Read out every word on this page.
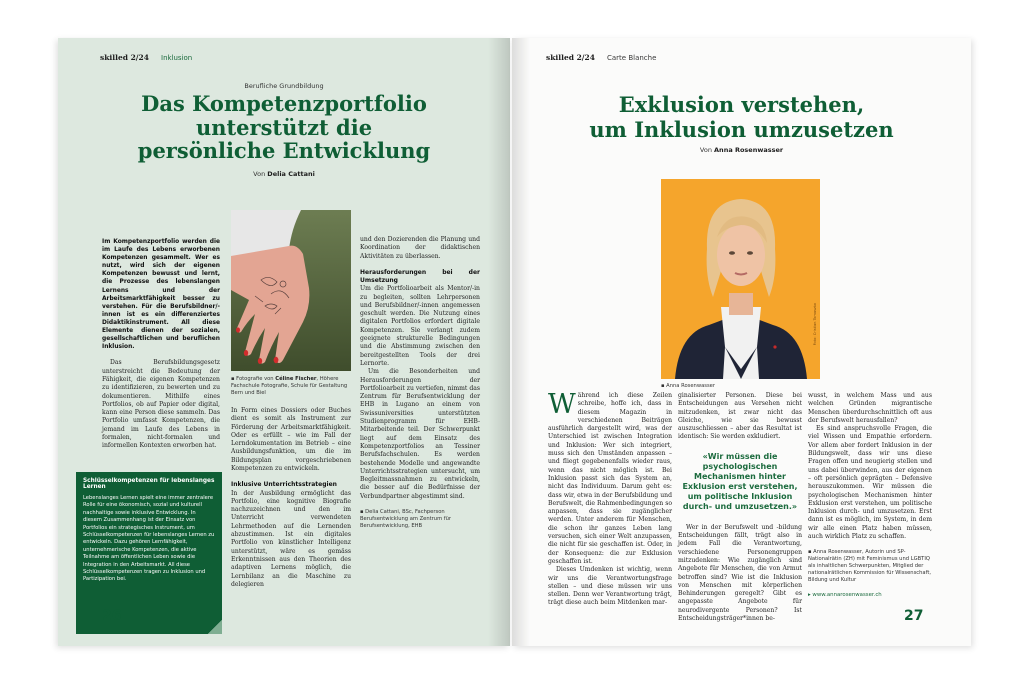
skilled 2/24 Inklusion
Berufliche Grundbildung
Das Kompetenzportfolio
unterstützt die
persönliche Entwicklung
Von Delia Cattani

Im Kompetenzportfolio werden die im Laufe des Lebens erworbenen Kompetenzen gesammelt. Wer es nutzt, wird sich der eigenen Kompetenzen bewusst und lernt, die Prozesse des lebenslangen Lernens und der Arbeitsmarktfähigkeit besser zu verstehen. Für die Berufsbildner/-innen ist es ein differenziertes Didaktikinstrument. All diese Elemente dienen der sozialen, gesellschaftlichen und beruflichen Inklusion.

Das Berufsbildungsgesetz unterstreicht die Bedeutung der Fähigkeit, die eigenen Kompetenzen zu identifizieren, zu bewerten und zu dokumentieren. Mithilfe eines Portfolios, ob auf Papier oder digital, kann eine Person diese sammeln. Das Portfolio umfasst Kompetenzen, die jemand im Laufe des Lebens in formalen, nicht-formalen und informellen Kontexten erworben hat.

▪ Fotografie von Céline Fischer, Höhere Fachschule Fotografie, Schule für Gestaltung Bern und Biel

In Form eines Dossiers oder Buches dient es somit als Instrument zur Förderung der Arbeitsmarktfähigkeit. Oder es erfüllt – wie im Fall der Lerndokumentation im Betrieb – eine Ausbildungsfunktion, um die im Bildungsplan vorgeschriebenen Kompetenzen zu entwickeln.

Inklusive Unterrichtsstrategien

In der Ausbildung ermöglicht das Portfolio, eine kognitive Biografie nachzuzeichnen und den im Unterricht verwendeten Lehrmethoden auf die Lernenden abzustimmen. Ist ein digitales Portfolio von künstlicher Intelligenz unterstützt, wäre es gemäss Erkenntnissen aus den Theorien des adaptiven Lernens möglich, die Lernbilanz an die Maschine zu delegieren

und den Dozierenden die Planung und Koordination der didaktischen Aktivitäten zu überlassen.

Herausforderungen bei der Umsetzung

Um die Portfolioarbeit als Mentor/-in zu begleiten, sollten Lehrpersonen und Berufsbildner/-innen angemessen geschult werden. Die Nutzung eines digitalen Portfolios erfordert digitale Kompetenzen. Sie verlangt zudem geeignete strukturelle Bedingungen und die Abstimmung zwischen den bereitgestellten Tools der drei Lernorte.

Um die Besonderheiten und Herausforderungen der Portfolioarbeit zu vertiefen, nimmt das Zentrum für Berufsentwicklung der EHB in Lugano an einem von Swissuniversities unterstützten Studienprogramm für EHB-Mitarbeitende teil. Der Schwerpunkt liegt auf dem Einsatz des Kompetenzportfolios an Tessiner Berufsfachschulen. Es werden bestehende Modelle und angewandte Unterrichtsstrategien untersucht, um Begleitmassnahmen zu entwickeln, die besser auf die Bedürfnisse der Verbundpartner abgestimmt sind.

▪ Delia Cattani, BSc, Fachperson Berufsentwicklung am Zentrum für Berufsentwicklung, EHB

Schlüsselkompetenzen für lebenslanges Lernen
Lebenslanges Lernen spielt eine immer zentralere Rolle für eine ökonomisch, sozial und kulturell nachhaltige sowie inklusive Entwicklung. In diesem Zusammenhang ist der Einsatz von Portfolios ein strategisches Instrument, um Schlüsselkompetenzen für lebenslanges Lernen zu entwickeln. Dazu gehören Lernfähigkeit, unternehmerische Kompetenzen, die aktive Teilnahme am öffentlichen Leben sowie die Integration in den Arbeitsmarkt. All diese Schlüsselkompetenzen tragen zu Inklusion und Partizipation bei.
26
skilled 2/24 Carte Blanche
Exklusion verstehen,
um Inklusion umzusetzen
Von Anna Rosenwasser
Foto: Cristian Tomaszko
▪ Anna Rosenwasser

Während ich diese Zeilen schreibe, hoffe ich, dass in diesem Magazin in verschiedenen Beiträgen ausführlich dargestellt wird, was der Unterschied ist zwischen Integration und Inklusion: Wer sich integriert, muss sich den Umständen anpassen – und fliegt gegebenenfalls wieder raus, wenn das nicht möglich ist. Bei Inklusion passt sich das System an, nicht das Individuum. Darum geht es: dass wir, etwa in der Berufsbildung und Berufswelt, die Rahmenbedingungen so anpassen, dass sie zugänglicher werden. Unter anderem für Menschen, die schon ihr ganzes Leben lang versuchen, sich einer Welt anzupassen, die nicht für sie geschaffen ist. Oder, in der Konsequenz: die zur Exklusion geschaffen ist.

Dieses Umdenken ist wichtig, wenn wir uns die Verantwortungsfrage stellen – und diese müssen wir uns stellen. Denn wer Verantwortung trägt, trägt diese auch beim Mitdenken mar-

ginalisierter Personen. Diese bei Entscheidungen aus Versehen nicht mitzudenken, ist zwar nicht das Gleiche, wie sie bewusst auszuschliessen – aber das Resultat ist identisch: Sie werden exkludiert.

«Wir müssen die psychologischen Mechanismen hinter Exklusion erst verstehen, um politische Inklusion durch- und umzusetzen.»

Wer in der Berufswelt und -bildung Entscheidungen fällt, trägt also in jedem Fall die Verantwortung, verschiedene Personengruppen mitzudenken: Wie zugänglich sind Angebote für Menschen, die von Armut betroffen sind? Wie ist die Inklusion von Menschen mit körperlichen Behinderungen geregelt? Gibt es angepasste Angebote für neurodivergente Personen? Ist Entscheidungsträger*innen be-

wusst, in welchem Mass und aus welchen Gründen migrantische Menschen überdurchschnittlich oft aus der Berufswelt herausfallen?

Es sind anspruchsvolle Fragen, die viel Wissen und Empathie erfordern. Vor allem aber fordert Inklusion in der Bildungswelt, dass wir uns diese Fragen offen und neugierig stellen und uns dabei überwinden, aus der eigenen – oft persönlich geprägten – Defensive herauszukommen. Wir müssen die psychologischen Mechanismen hinter Exklusion erst verstehen, um politische Inklusion durch- und umzusetzen. Erst dann ist es möglich, im System, in dem wir alle einen Platz haben müssen, auch wirklich Platz zu schaffen.

▪ Anna Rosenwasser, Autorin und SP-Nationalrätin (ZH) mit Feminismus und LGBTIQ als inhaltlichen Schwerpunkten, Mitglied der nationalrätlichen Kommission für Wissenschaft, Bildung und Kultur

▸ www.annarosenwasser.ch

27
